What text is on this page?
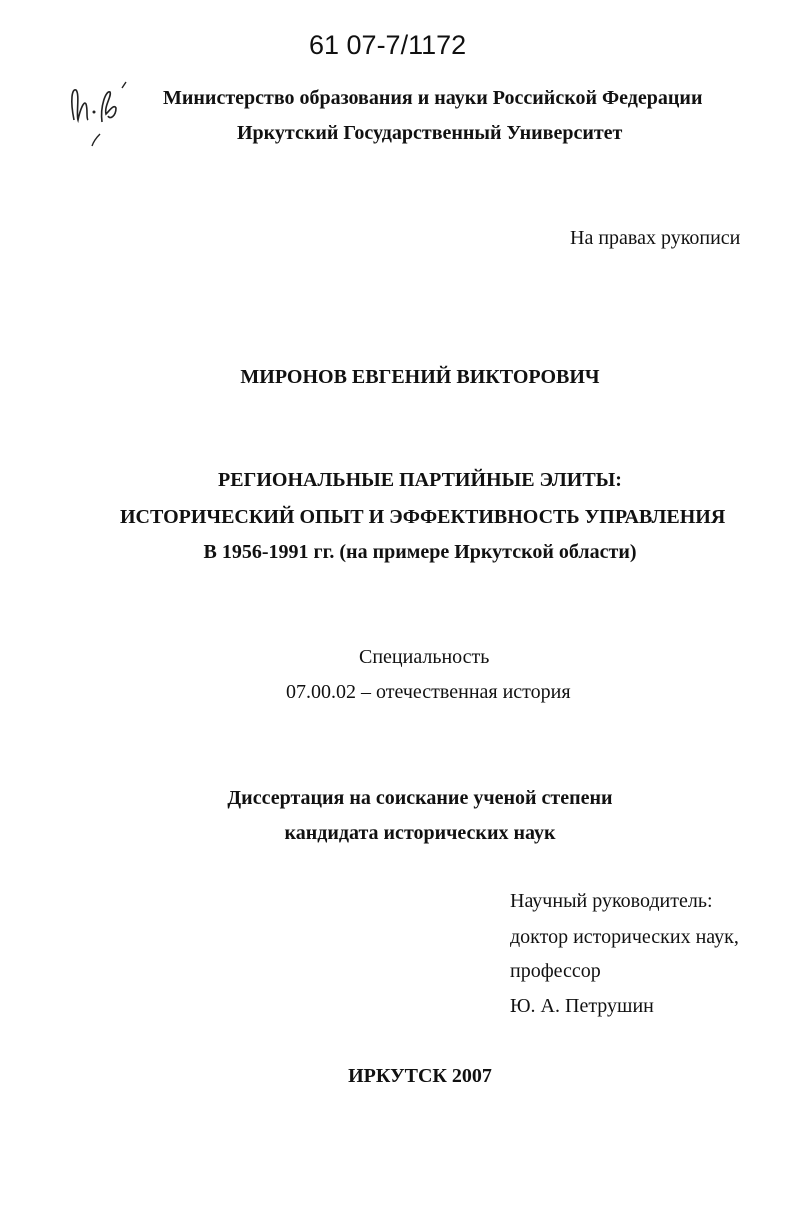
61 07-7/1172
Министерство образования и науки Российской Федерации
Иркутский Государственный Университет
На правах рукописи
МИРОНОВ ЕВГЕНИЙ ВИКТОРОВИЧ
РЕГИОНАЛЬНЫЕ ПАРТИЙНЫЕ ЭЛИТЫ:
ИСТОРИЧЕСКИЙ ОПЫТ И ЭФФЕКТИВНОСТЬ УПРАВЛЕНИЯ
В 1956-1991 гг. (на примере Иркутской области)
Специальность
07.00.02 – отечественная история
Диссертация на соискание ученой степени
кандидата исторических наук
Научный руководитель:
доктор исторических наук,
профессор
Ю. А. Петрушин
ИРКУТСК 2007
